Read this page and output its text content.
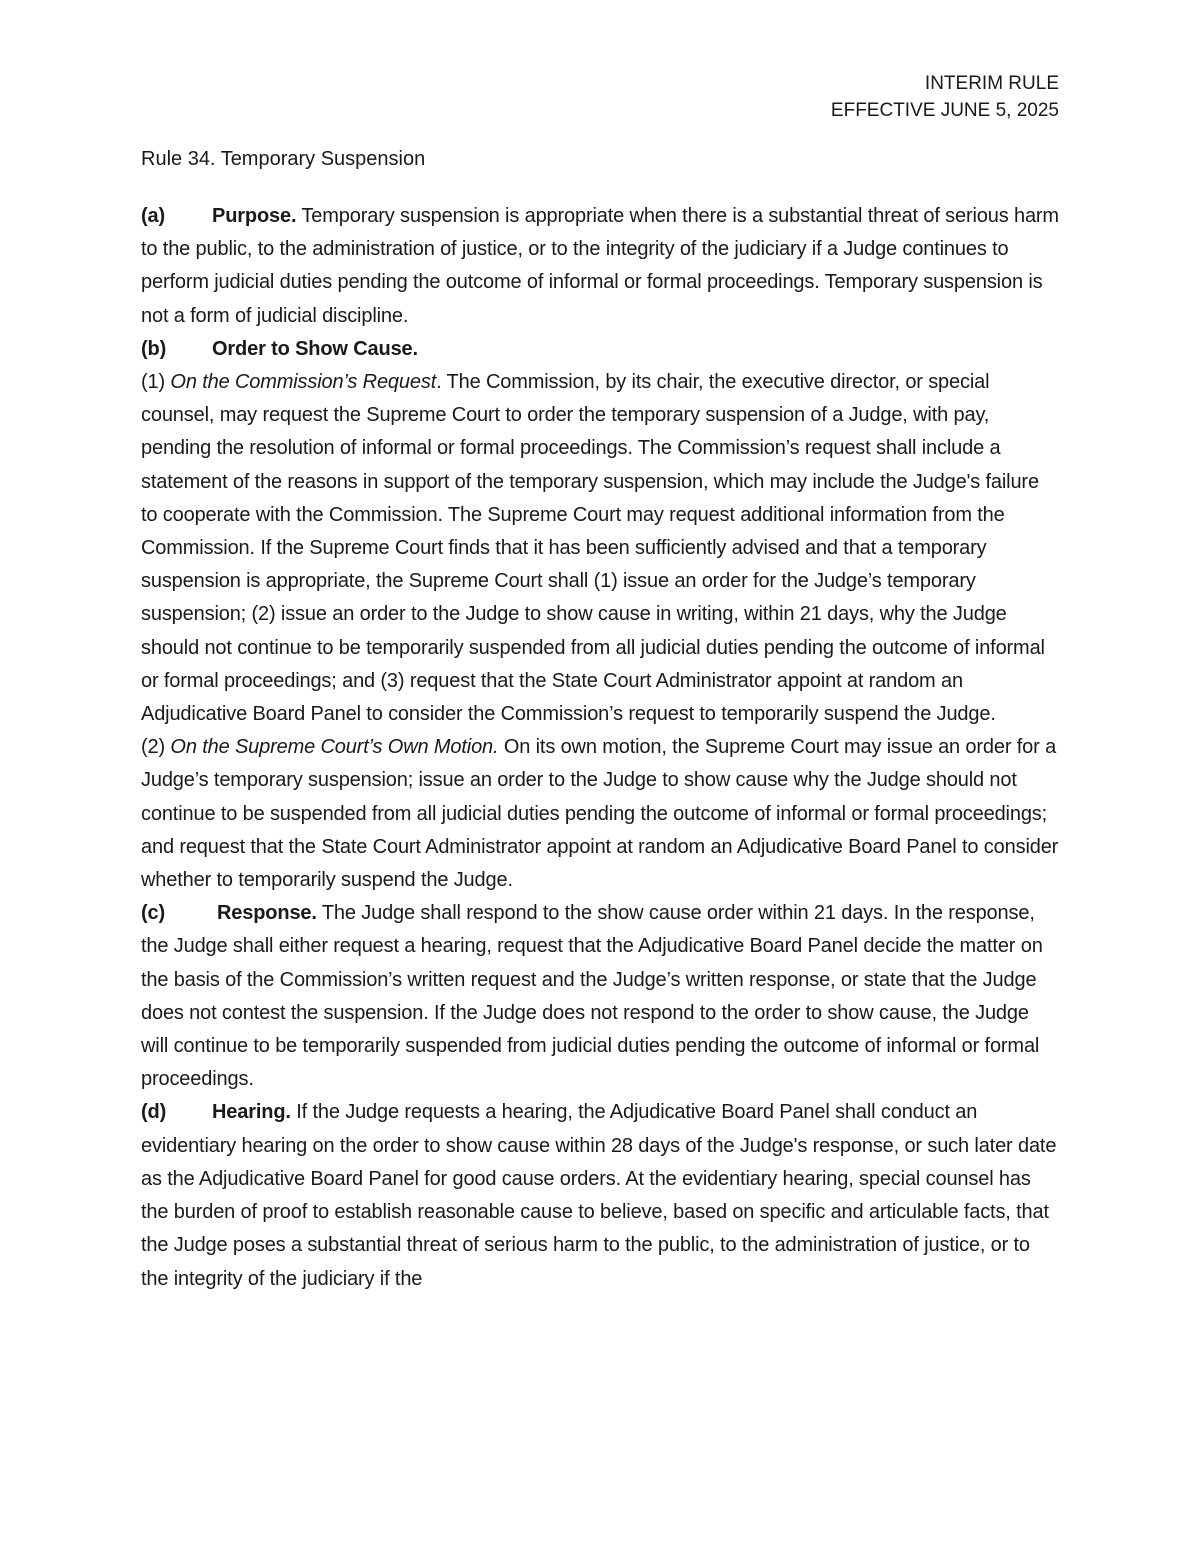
INTERIM RULE
EFFECTIVE JUNE 5, 2025
Rule 34. Temporary Suspension

(a) Purpose. Temporary suspension is appropriate when there is a substantial threat of serious harm to the public, to the administration of justice, or to the integrity of the judiciary if a Judge continues to perform judicial duties pending the outcome of informal or formal proceedings. Temporary suspension is not a form of judicial discipline.

(b) Order to Show Cause.

(1) On the Commission’s Request. The Commission, by its chair, the executive director, or special counsel, may request the Supreme Court to order the temporary suspension of a Judge, with pay, pending the resolution of informal or formal proceedings. The Commission’s request shall include a statement of the reasons in support of the temporary suspension, which may include the Judge's failure to cooperate with the Commission. The Supreme Court may request additional information from the Commission. If the Supreme Court finds that it has been sufficiently advised and that a temporary suspension is appropriate, the Supreme Court shall (1) issue an order for the Judge’s temporary suspension; (2) issue an order to the Judge to show cause in writing, within 21 days, why the Judge should not continue to be temporarily suspended from all judicial duties pending the outcome of informal or formal proceedings; and (3) request that the State Court Administrator appoint at random an Adjudicative Board Panel to consider the Commission’s request to temporarily suspend the Judge.

(2) On the Supreme Court’s Own Motion. On its own motion, the Supreme Court may issue an order for a Judge’s temporary suspension; issue an order to the Judge to show cause why the Judge should not continue to be suspended from all judicial duties pending the outcome of informal or formal proceedings; and request that the State Court Administrator appoint at random an Adjudicative Board Panel to consider whether to temporarily suspend the Judge.

(c)	Response. The Judge shall respond to the show cause order within 21 days. In the response, the Judge shall either request a hearing, request that the Adjudicative Board Panel decide the matter on the basis of the Commission’s written request and the Judge’s written response, or state that the Judge does not contest the suspension. If the Judge does not respond to the order to show cause, the Judge will continue to be temporarily suspended from judicial duties pending the outcome of informal or formal proceedings.

(d) Hearing. If the Judge requests a hearing, the Adjudicative Board Panel shall conduct an evidentiary hearing on the order to show cause within 28 days of the Judge's response, or such later date as the Adjudicative Board Panel for good cause orders. At the evidentiary hearing, special counsel has the burden of proof to establish reasonable cause to believe, based on specific and articulable facts, that the Judge poses a substantial threat of serious harm to the public, to the administration of justice, or to the integrity of the judiciary if the
